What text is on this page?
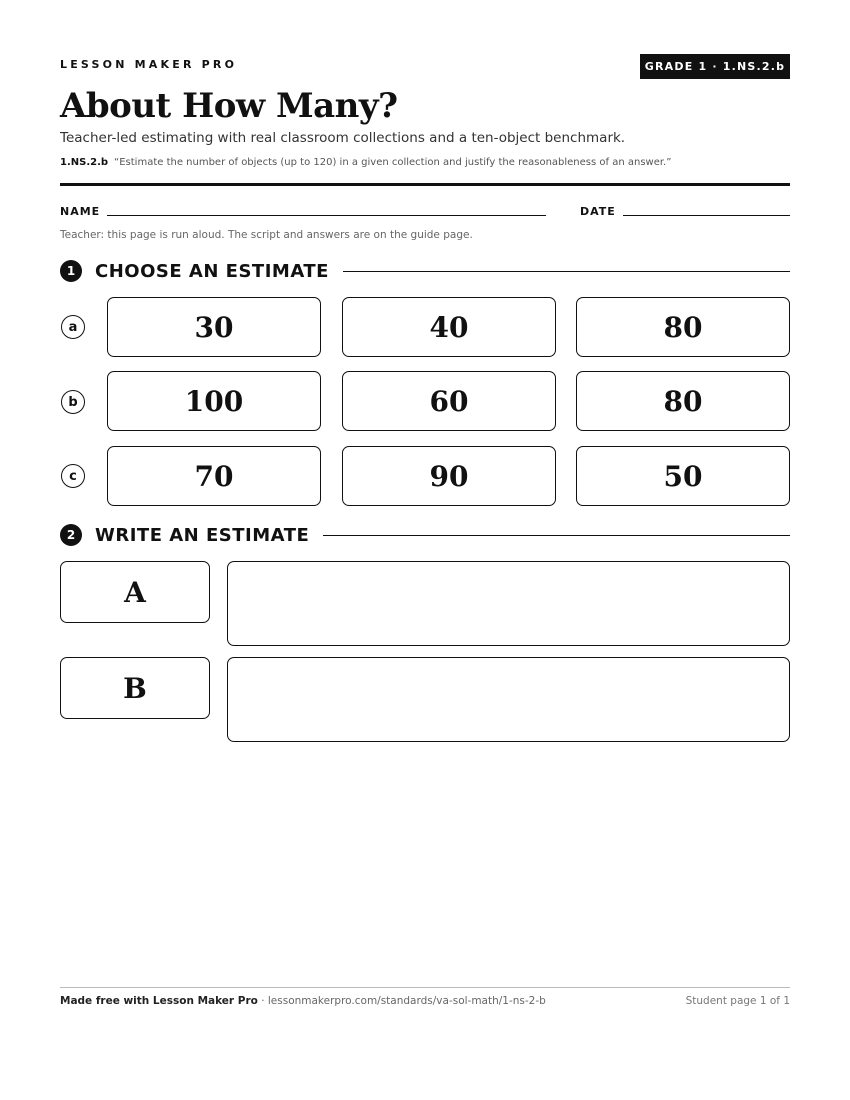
LESSON MAKER PRO	GRADE 1 · 1.NS.2.b
About How Many?
Teacher-led estimating with real classroom collections and a ten-object benchmark.
1.NS.2.b “Estimate the number of objects (up to 120) in a given collection and justify the reasonableness of an answer.”
NAME	DATE
Teacher: this page is run aloud. The script and answers are on the guide page.
1	CHOOSE AN ESTIMATE
a	30	40	80
b	100	60	80
c	70	90	50
2	WRITE AN ESTIMATE
A
B
Made free with Lesson Maker Pro · lessonmakerpro.com/standards/va-sol-math/1-ns-2-b	Student page 1 of 1
